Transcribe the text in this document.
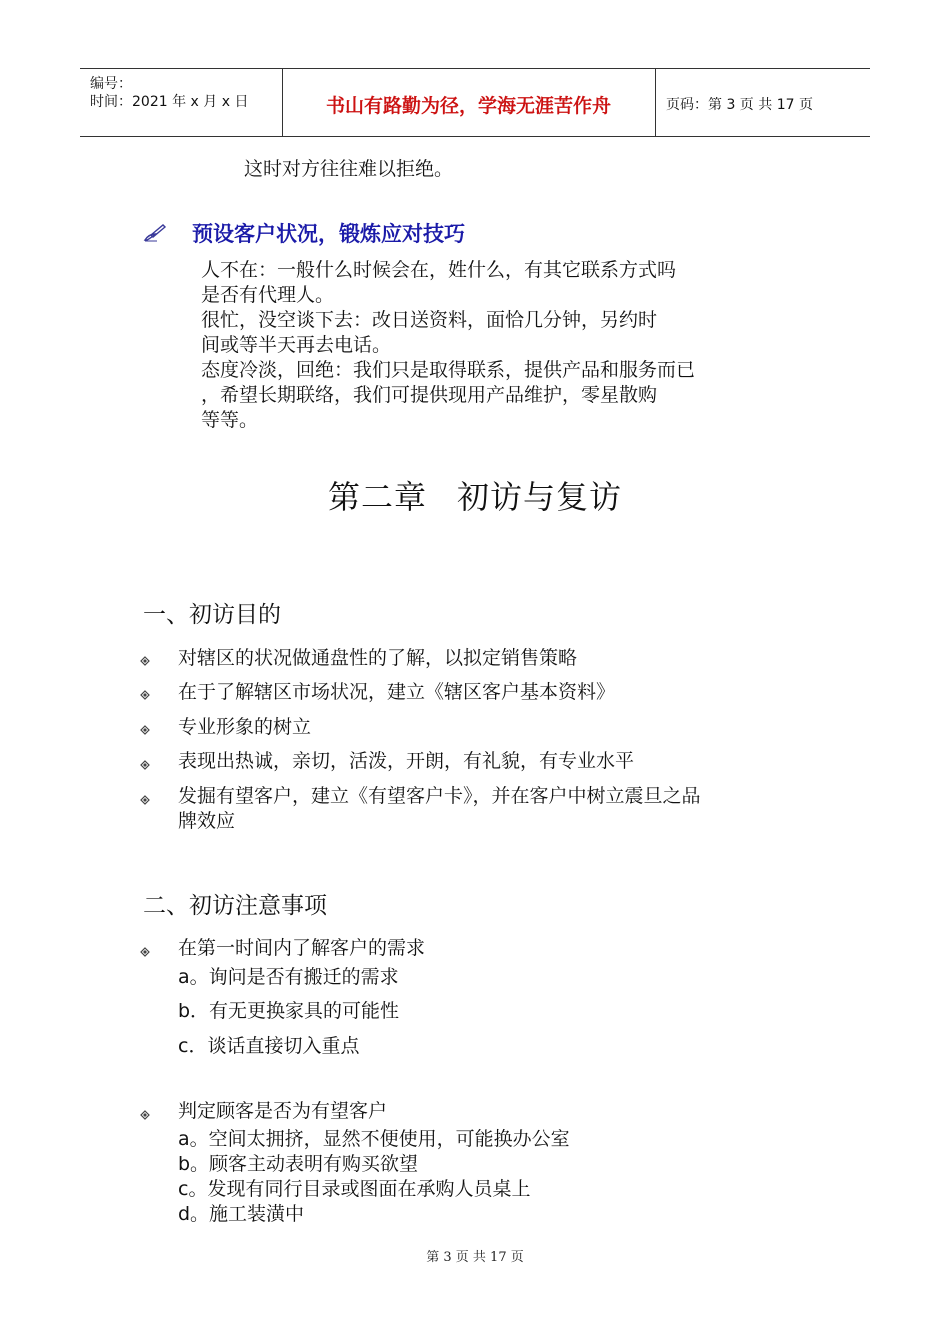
编号：
时间：2021 年 x 月 x 日	书山有路勤为径，学海无涯苦作舟	页码：第 3 页 共 17 页
这时对方往往难以拒绝。
预设客户状况，锻炼应对技巧
人不在：一般什么时候会在，姓什么，有其它联系方式吗
是否有代理人。
很忙，没空谈下去：改日送资料，面恰几分钟，另约时
间或等半天再去电话。
态度冷淡，回绝：我们只是取得联系，提供产品和服务而已
，希望长期联络，我们可提供现用产品维护，零星散购
等等。
第二章 初访与复访
一、初访目的
对辖区的状况做通盘性的了解，以拟定销售策略
在于了解辖区市场状况，建立《辖区客户基本资料》
专业形象的树立
表现出热诚，亲切，活泼，开朗，有礼貌，有专业水平
发掘有望客户，建立《有望客户卡》，并在客户中树立震旦之品
牌效应
二、初访注意事项
在第一时间内了解客户的需求
a。询问是否有搬迁的需求
b．有无更换家具的可能性
c．谈话直接切入重点
判定顾客是否为有望客户
a。空间太拥挤，显然不便使用，可能换办公室
b。顾客主动表明有购买欲望
c。发现有同行目录或图面在承购人员桌上
d。施工装潢中
第 3 页 共 17 页
